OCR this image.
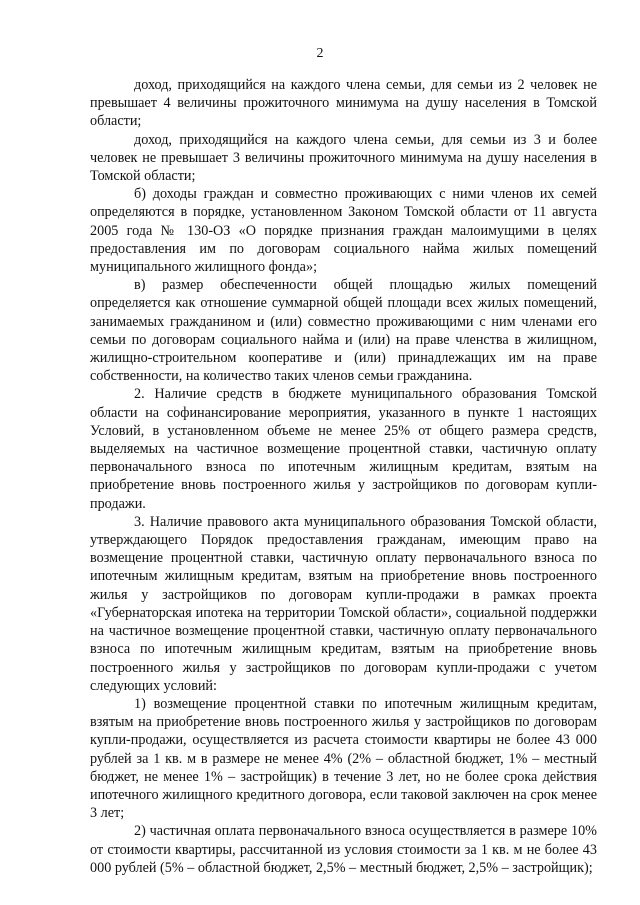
2

доход, приходящийся на каждого члена семьи, для семьи из 2 человек не превышает 4 величины прожиточного минимума на душу населения в Томской области;

доход, приходящийся на каждого члена семьи, для семьи из 3 и более человек не превышает 3 величины прожиточного минимума на душу населения в Томской области;

б) доходы граждан и совместно проживающих с ними членов их семей определяются в порядке, установленном Законом Томской области от 11 августа 2005 года № 130-ОЗ «О порядке признания граждан малоимущими в целях предоставления им по договорам социального найма жилых помещений муниципального жилищного фонда»;

в) размер обеспеченности общей площадью жилых помещений определяется как отношение суммарной общей площади всех жилых помещений, занимаемых гражданином и (или) совместно проживающими с ним членами его семьи по договорам социального найма и (или) на праве членства в жилищном, жилищно-строительном кооперативе и (или) принадлежащих им на праве собственности, на количество таких членов семьи гражданина.

2. Наличие средств в бюджете муниципального образования Томской области на софинансирование мероприятия, указанного в пункте 1 настоящих Условий, в установленном объеме не менее 25% от общего размера средств, выделяемых на частичное возмещение процентной ставки, частичную оплату первоначального взноса по ипотечным жилищным кредитам, взятым на приобретение вновь построенного жилья у застройщиков по договорам купли-продажи.

3. Наличие правового акта муниципального образования Томской области, утверждающего Порядок предоставления гражданам, имеющим право на возмещение процентной ставки, частичную оплату первоначального взноса по ипотечным жилищным кредитам, взятым на приобретение вновь построенного жилья у застройщиков по договорам купли-продажи в рамках проекта «Губернаторская ипотека на территории Томской области», социальной поддержки на частичное возмещение процентной ставки, частичную оплату первоначального взноса по ипотечным жилищным кредитам, взятым на приобретение вновь построенного жилья у застройщиков по договорам купли-продажи с учетом следующих условий:

1) возмещение процентной ставки по ипотечным жилищным кредитам, взятым на приобретение вновь построенного жилья у застройщиков по договорам купли-продажи, осуществляется из расчета стоимости квартиры не более 43 000 рублей за 1 кв. м в размере не менее 4% (2% – областной бюджет, 1% – местный бюджет, не менее 1% – застройщик) в течение 3 лет, но не более срока действия ипотечного жилищного кредитного договора, если таковой заключен на срок менее 3 лет;

2) частичная оплата первоначального взноса осуществляется в размере 10% от стоимости квартиры, рассчитанной из условия стоимости за 1 кв. м не более 43 000 рублей (5% – областной бюджет, 2,5% – местный бюджет, 2,5% – застройщик);
